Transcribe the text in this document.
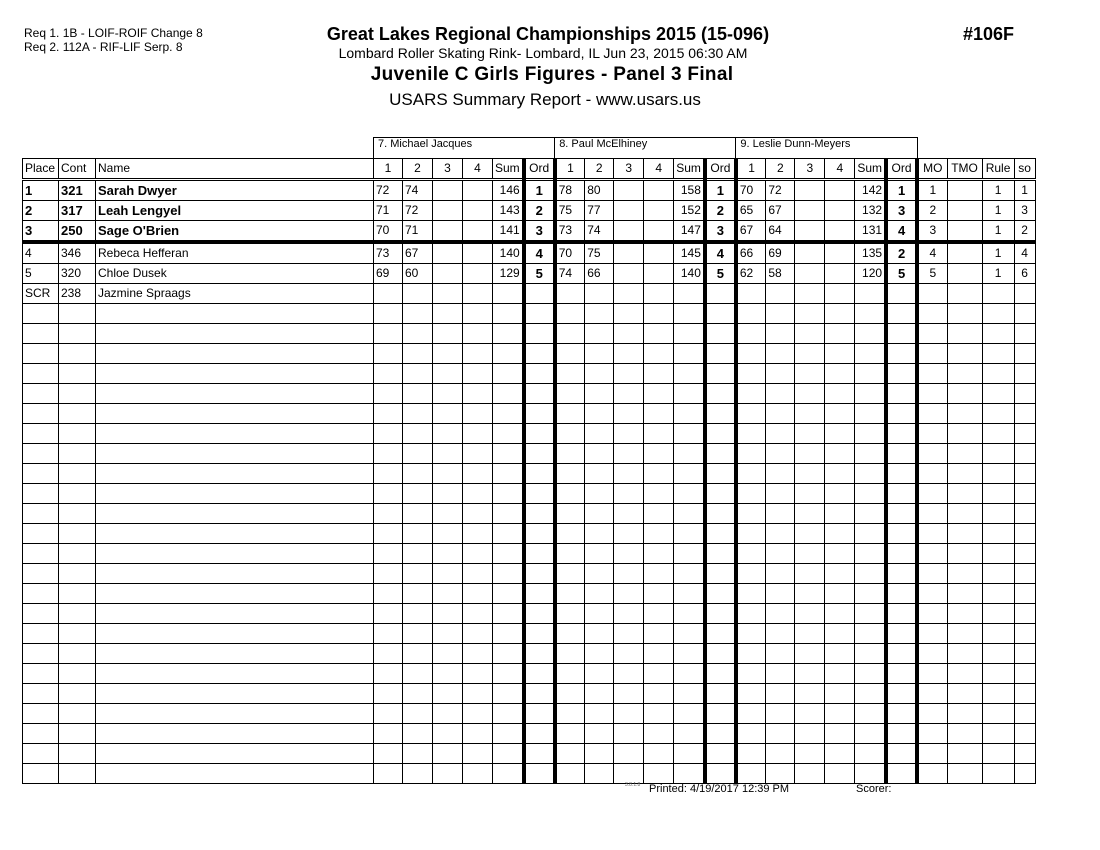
Req 1. 1B - LOIF-ROIF Change 8
Req 2. 112A - RIF-LIF Serp. 8
Great Lakes Regional Championships 2015 (15-096)
Lombard Roller Skating Rink- Lombard, IL Jun 23, 2015 06:30 AM
Juvenile C Girls Figures - Panel 3 Final
USARS Summary Report - www.usars.us
#106F
			7. Michael Jacques						8. Paul McElhiney						9. Leslie Dunn-Meyers									
Place	Cont	Name	1	2	3	4	Sum	Ord	1	2	3	4	Sum	Ord	1	2	3	4	Sum	Ord	MO	TMO	Rule	so
1	321	Sarah Dwyer	72	74			146	1	78	80			158	1	70	72			142	1	1		1	1
2	317	Leah Lengyel	71	72			143	2	75	77			152	2	65	67			132	3	2		1	3
3	250	Sage O'Brien	70	71			141	3	73	74			147	3	67	64			131	4	3		1	2
4	346	Rebeca Hefferan	73	67			140	4	70	75			145	4	66	69			135	2	4		1	4
5	320	Chloe Dusek	69	60			129	5	74	66			140	5	62	58			120	5	5		1	6
SCR	238	Jazmine Spraags																						

3.8.1.8 Printed: 4/19/2017 12:39 PM	Scorer:
